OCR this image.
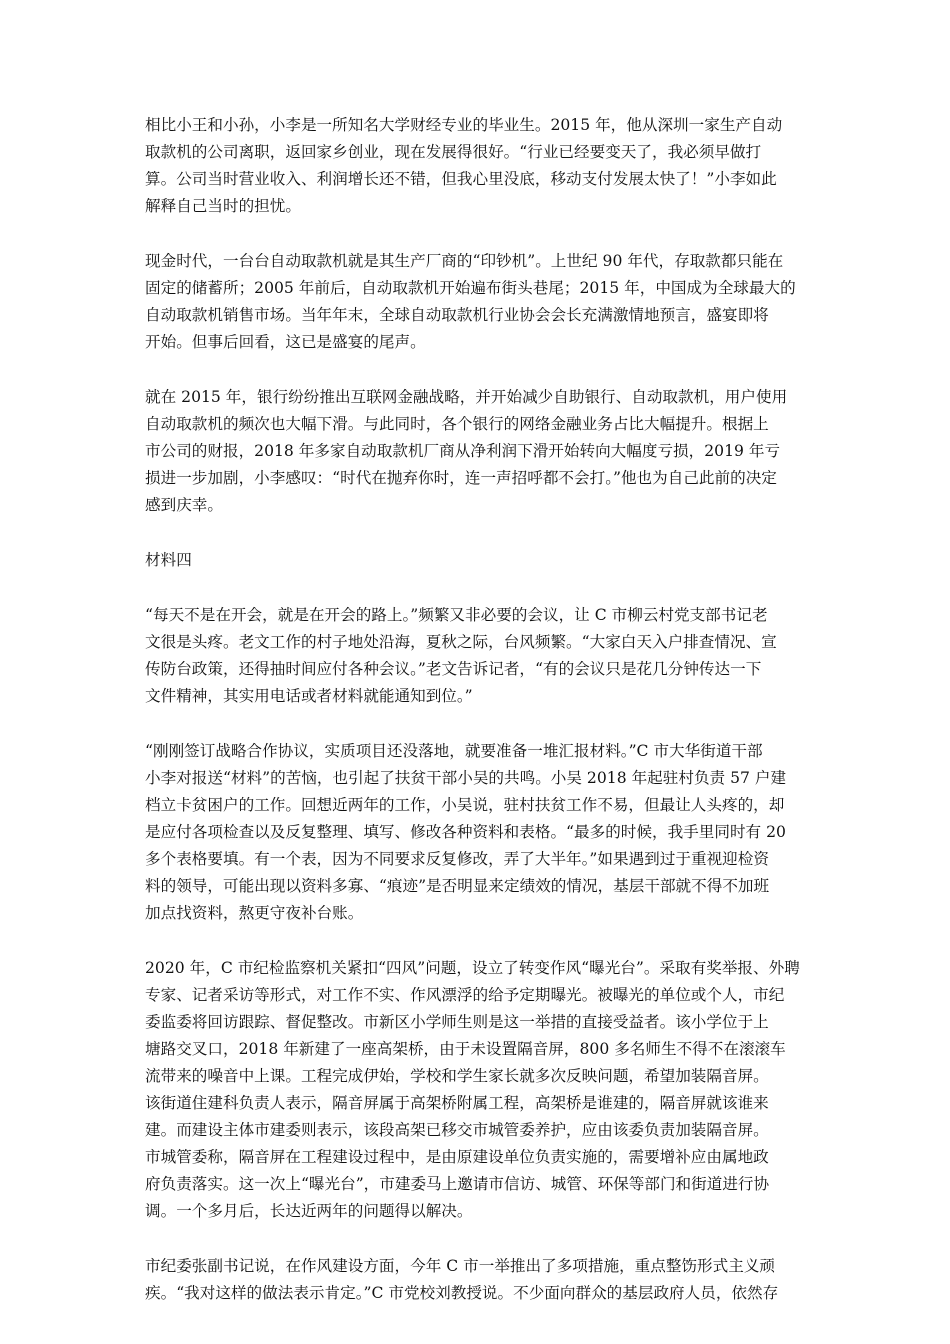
相比小王和小孙，小李是一所知名大学财经专业的毕业生。2015 年，他从深圳一家生产自动
取款机的公司离职，返回家乡创业，现在发展得很好。“行业已经要变天了，我必须早做打
算。公司当时营业收入、利润增长还不错，但我心里没底，移动支付发展太快了！”小李如此
解释自己当时的担忧。

现金时代，一台台自动取款机就是其生产厂商的“印钞机”。上世纪 90 年代，存取款都只能在
固定的储蓄所；2005 年前后，自动取款机开始遍布街头巷尾；2015 年，中国成为全球最大的
自动取款机销售市场。当年年末，全球自动取款机行业协会会长充满激情地预言，盛宴即将
开始。但事后回看，这已是盛宴的尾声。

就在 2015 年，银行纷纷推出互联网金融战略，并开始减少自助银行、自动取款机，用户使用
自动取款机的频次也大幅下滑。与此同时，各个银行的网络金融业务占比大幅提升。根据上
市公司的财报，2018 年多家自动取款机厂商从净利润下滑开始转向大幅度亏损，2019 年亏
损进一步加剧，小李感叹：“时代在抛弃你时，连一声招呼都不会打。”他也为自己此前的决定
感到庆幸。

材料四

“每天不是在开会，就是在开会的路上。”频繁又非必要的会议，让 C 市柳云村党支部书记老
文很是头疼。老文工作的村子地处沿海，夏秋之际，台风频繁。“大家白天入户排查情况、宣
传防台政策，还得抽时间应付各种会议。”老文告诉记者，“有的会议只是花几分钟传达一下
文件精神，其实用电话或者材料就能通知到位。”

“刚刚签订战略合作协议，实质项目还没落地，就要准备一堆汇报材料。”C 市大华街道干部
小李对报送“材料”的苦恼，也引起了扶贫干部小吴的共鸣。小吴 2018 年起驻村负责 57 户建
档立卡贫困户的工作。回想近两年的工作，小吴说，驻村扶贫工作不易，但最让人头疼的，却
是应付各项检查以及反复整理、填写、修改各种资料和表格。“最多的时候，我手里同时有 20
多个表格要填。有一个表，因为不同要求反复修改，弄了大半年。”如果遇到过于重视迎检资
料的领导，可能出现以资料多寡、“痕迹”是否明显来定绩效的情况，基层干部就不得不加班
加点找资料，熬更守夜补台账。

2020 年，C 市纪检监察机关紧扣“四风”问题，设立了转变作风“曝光台”。采取有奖举报、外聘
专家、记者采访等形式，对工作不实、作风漂浮的给予定期曝光。被曝光的单位或个人，市纪
委监委将回访跟踪、督促整改。市新区小学师生则是这一举措的直接受益者。该小学位于上
塘路交叉口，2018 年新建了一座高架桥，由于未设置隔音屏，800 多名师生不得不在滚滚车
流带来的噪音中上课。工程完成伊始，学校和学生家长就多次反映问题，希望加装隔音屏。
该街道住建科负责人表示，隔音屏属于高架桥附属工程，高架桥是谁建的，隔音屏就该谁来
建。而建设主体市建委则表示，该段高架已移交市城管委养护，应由该委负责加装隔音屏。
市城管委称，隔音屏在工程建设过程中，是由原建设单位负责实施的，需要增补应由属地政
府负责落实。这一次上“曝光台”，市建委马上邀请市信访、城管、环保等部门和街道进行协
调。一个多月后，长达近两年的问题得以解决。

市纪委张副书记说，在作风建设方面，今年 C 市一举推出了多项措施，重点整饬形式主义顽
疾。“我对这样的做法表示肯定。”C 市党校刘教授说。不少面向群众的基层政府人员，依然存
